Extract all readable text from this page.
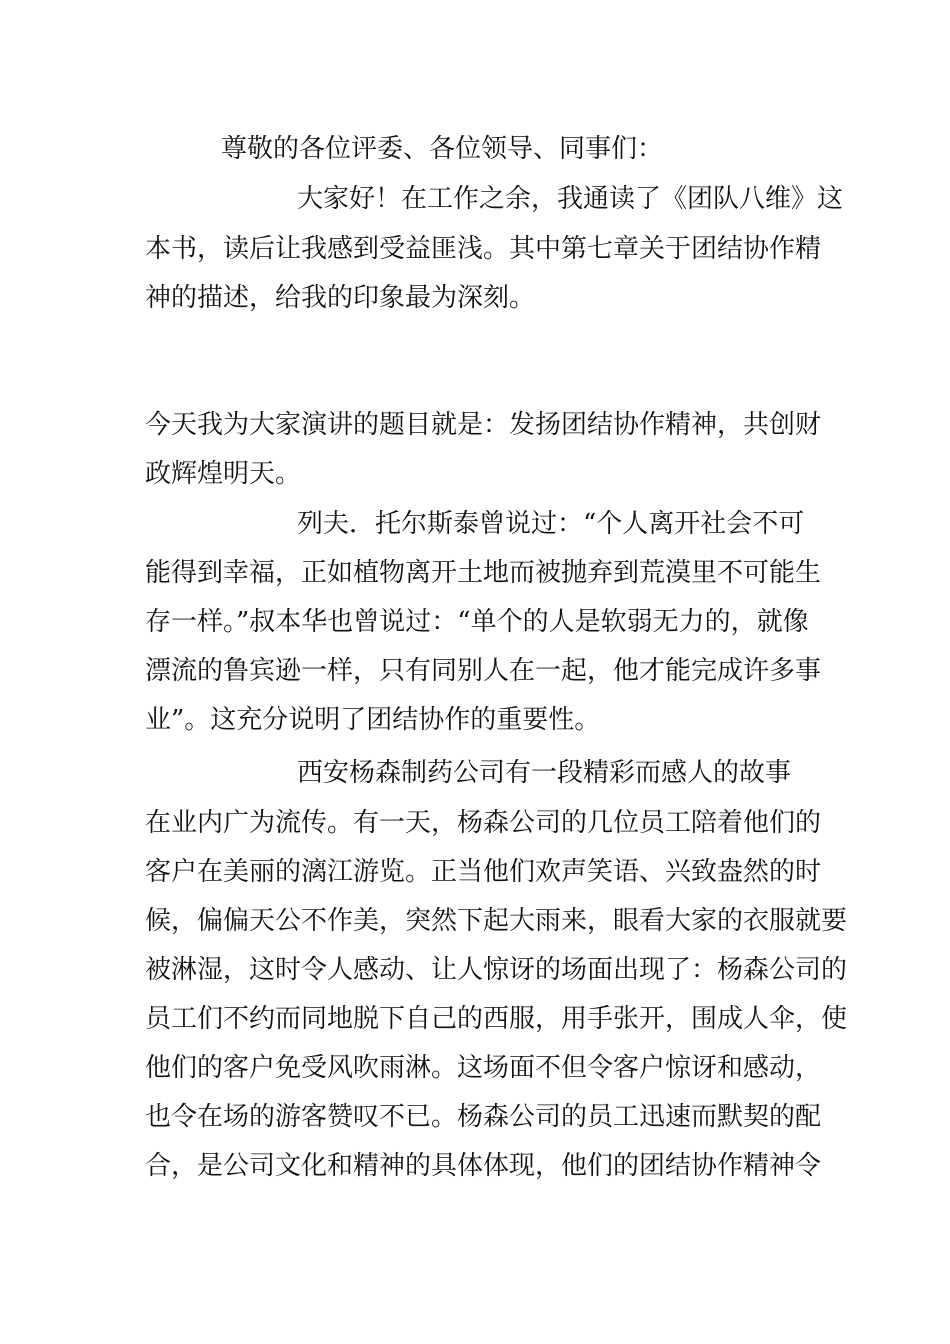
尊敬的各位评委、各位领导、同事们：

大家好！在工作之余，我通读了《团队八维》这

本书，读后让我感到受益匪浅。其中第七章关于团结协作精

神的描述，给我的印象最为深刻。

今天我为大家演讲的题目就是：发扬团结协作精神，共创财

政辉煌明天。

列夫．托尔斯泰曾说过：“个人离开社会不可

能得到幸福，正如植物离开土地而被抛弃到荒漠里不可能生

存一样。”叔本华也曾说过：“单个的人是软弱无力的，就像

漂流的鲁宾逊一样，只有同别人在一起，他才能完成许多事

业”。这充分说明了团结协作的重要性。

西安杨森制药公司有一段精彩而感人的故事

在业内广为流传。有一天，杨森公司的几位员工陪着他们的

客户在美丽的漓江游览。正当他们欢声笑语、兴致盎然的时

候，偏偏天公不作美，突然下起大雨来，眼看大家的衣服就要

被淋湿，这时令人感动、让人惊讶的场面出现了：杨森公司的

员工们不约而同地脱下自己的西服，用手张开，围成人伞，使

他们的客户免受风吹雨淋。这场面不但令客户惊讶和感动，

也令在场的游客赞叹不已。杨森公司的员工迅速而默契的配

合，是公司文化和精神的具体体现，他们的团结协作精神令
